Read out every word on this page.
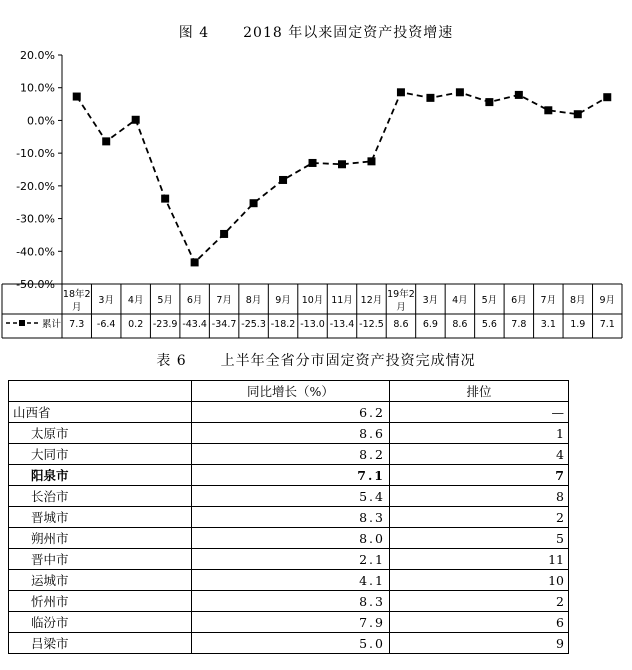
图 4 2018 年以来固定资产投资增速
20.0%
10.0%
0.0%
-10.0%
-20.0%
-30.0%
-40.0%
-50.0%
18年2
月
3月 4月 5月 6月 7月 8月 9月 10月 11月 12月
19年2
月
3月 4月 5月 6月 7月 8月 9月
累计 7.3 -6.4 0.2 -23.9 -43.4 -34.7 -25.3 -18.2 -13.0 -13.4 -12.5 8.6 6.9 8.6 5.6 7.8 3.1 1.9 7.1
表 6 上半年全省分市固定资产投资完成情况
	同比增长（%）	排位
山西省	6.2	—
太原市	8.6	1
大同市	8.2	4
阳泉市	7.1	7
长治市	5.4	8
晋城市	8.3	2
朔州市	8.0	5
晋中市	2.1	11
运城市	4.1	10
忻州市	8.3	2
临汾市	7.9	6
吕梁市	5.0	9
